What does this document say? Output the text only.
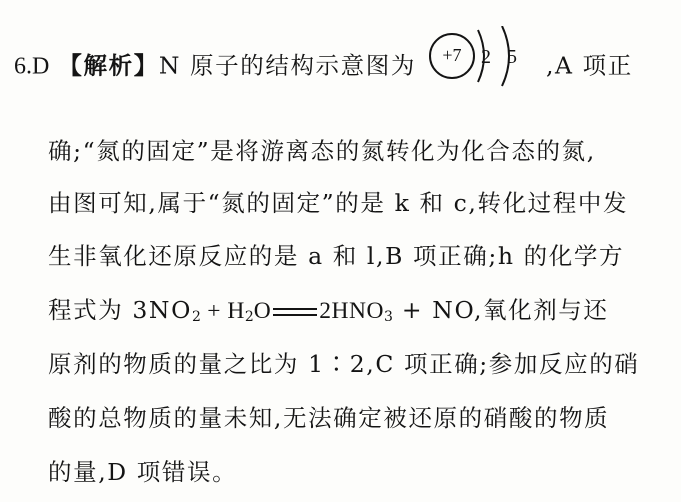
6.D 【解析】N 原子的结构示意图为	+7 2 5 ,A 项正
确;“氮的固定”是将游离态的氮转化为化合态的氮,
由图可知,属于“氮的固定”的是 k 和 c,转化过程中发
生非氧化还原反应的是 a 和 l,B 项正确;h 的化学方
程式为 $3NO_2 + H_2O$ $2HNO_3$ + NO,氧化剂与还
原剂的物质的量之比为 1∶2,C 项正确;参加反应的硝
酸的总物质的量未知,无法确定被还原的硝酸的物质
的量,D 项错误。
